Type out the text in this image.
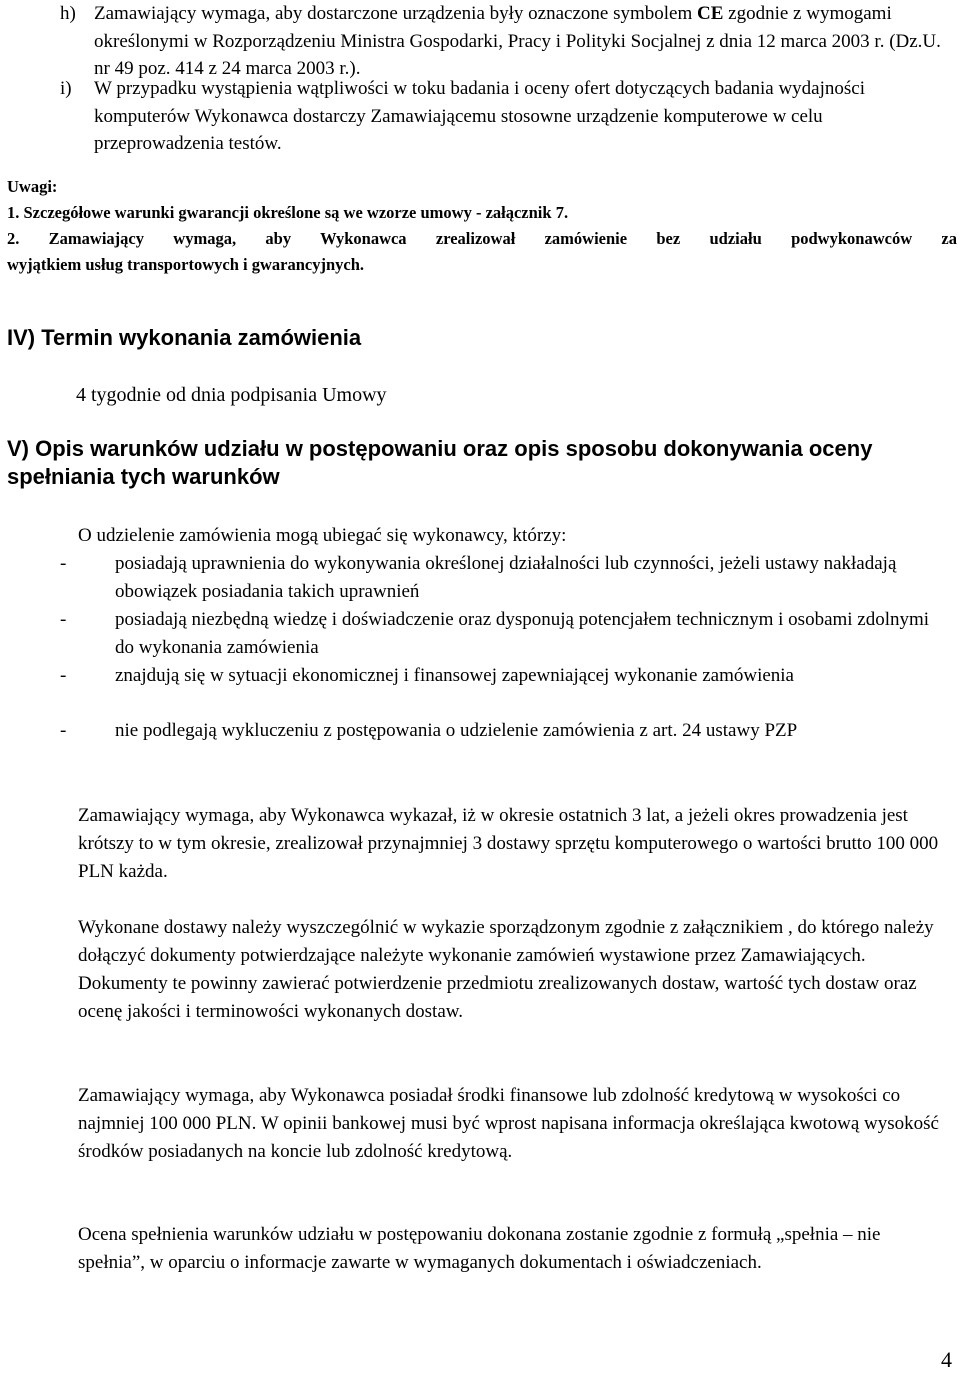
h) Zamawiający wymaga, aby dostarczone urządzenia były oznaczone symbolem CE zgodnie z wymogami określonymi w Rozporządzeniu Ministra Gospodarki, Pracy i Polityki Socjalnej z dnia 12 marca 2003 r. (Dz.U. nr 49 poz. 414 z 24 marca 2003 r.).
i) W przypadku wystąpienia wątpliwości w toku badania i oceny ofert dotyczących badania wydajności komputerów Wykonawca dostarczy Zamawiającemu stosowne urządzenie komputerowe w celu przeprowadzenia testów.
Uwagi:
1. Szczegółowe warunki gwarancji określone są we wzorze umowy - załącznik 7.
2. Zamawiający wymaga, aby Wykonawca zrealizował zamówienie bez udziału podwykonawców za
wyjątkiem usług transportowych i gwarancyjnych.
IV) Termin wykonania zamówienia
4 tygodnie od dnia podpisania Umowy
V) Opis warunków udziału w postępowaniu oraz opis sposobu dokonywania oceny spełniania tych warunków
O udzielenie zamówienia mogą ubiegać się wykonawcy, którzy:
-	posiadają uprawnienia do wykonywania określonej działalności lub czynności, jeżeli ustawy nakładają obowiązek posiadania takich uprawnień
-	posiadają niezbędną wiedzę i doświadczenie oraz dysponują potencjałem technicznym i osobami zdolnymi do wykonania zamówienia
-	znajdują się w sytuacji ekonomicznej i finansowej zapewniającej wykonanie zamówienia
-	nie podlegają wykluczeniu z postępowania o udzielenie zamówienia z art. 24 ustawy PZP
Zamawiający wymaga, aby Wykonawca wykazał, iż w okresie ostatnich 3 lat, a jeżeli okres prowadzenia jest krótszy to w tym okresie, zrealizował przynajmniej 3 dostawy sprzętu komputerowego o wartości brutto 100 000 PLN każda.
Wykonane dostawy należy wyszczególnić w wykazie sporządzonym zgodnie z załącznikiem , do którego należy dołączyć dokumenty potwierdzające należyte wykonanie zamówień wystawione przez Zamawiających. Dokumenty te powinny zawierać potwierdzenie przedmiotu zrealizowanych dostaw, wartość tych dostaw oraz ocenę jakości i terminowości wykonanych dostaw.
Zamawiający wymaga, aby Wykonawca posiadał środki finansowe lub zdolność kredytową w wysokości co najmniej 100 000 PLN. W opinii bankowej musi być wprost napisana informacja określająca kwotową wysokość środków posiadanych na koncie lub zdolność kredytową.
Ocena spełnienia warunków udziału w postępowaniu dokonana zostanie zgodnie z formułą „spełnia – nie spełnia”, w oparciu o informacje zawarte w wymaganych dokumentach i oświadczeniach.
4
